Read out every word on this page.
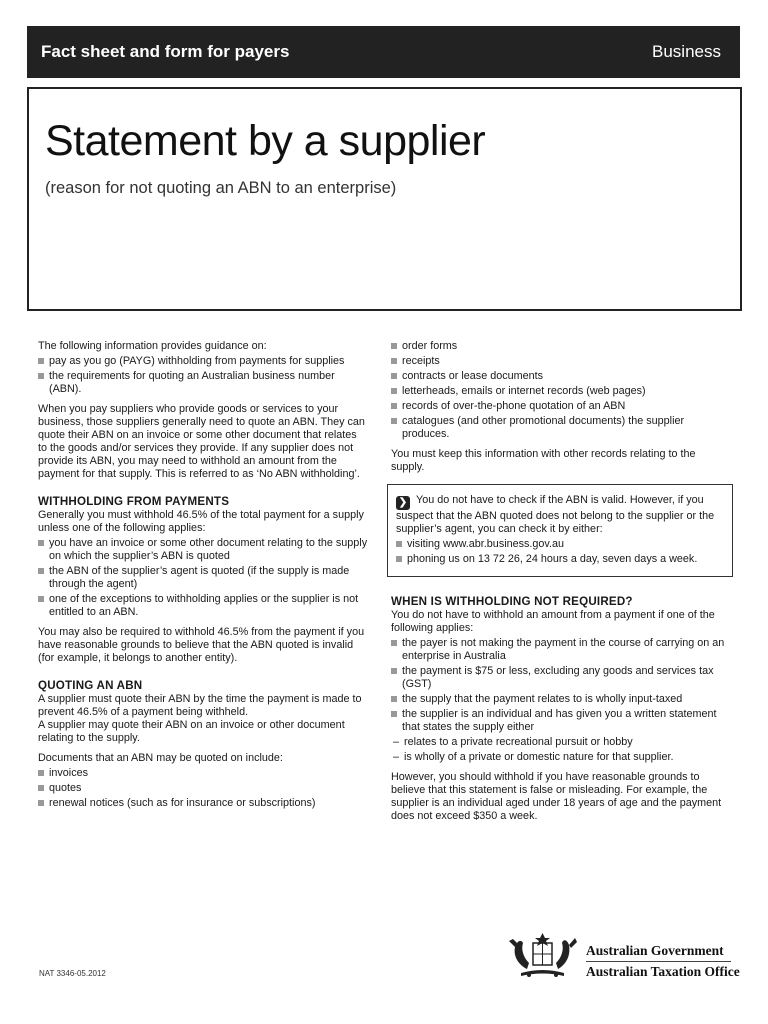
Fact sheet and form for payers	Business
Statement by a supplier
(reason for not quoting an ABN to an enterprise)

The following information provides guidance on:

pay as you go (PAYG) withholding from payments for supplies
the requirements for quoting an Australian business number (ABN).

When you pay suppliers who provide goods or services to your business, those suppliers generally need to quote an ABN. They can quote their ABN on an invoice or some other document that relates to the goods and/or services they provide. If any supplier does not provide its ABN, you may need to withhold an amount from the payment for that supply. This is referred to as ‘No ABN withholding’.

WITHHOLDING FROM PAYMENTS

Generally you must withhold 46.5% of the total payment for a supply unless one of the following applies:

you have an invoice or some other document relating to the supply on which the supplier’s ABN is quoted
the ABN of the supplier’s agent is quoted (if the supply is made through the agent)
one of the exceptions to withholding applies or the supplier is not entitled to an ABN.

You may also be required to withhold 46.5% from the payment if you have reasonable grounds to believe that the ABN quoted is invalid (for example, it belongs to another entity).

QUOTING AN ABN

A supplier must quote their ABN by the time the payment is made to prevent 46.5% of a payment being withheld.

A supplier may quote their ABN on an invoice or other document relating to the supply.

Documents that an ABN may be quoted on include:

invoices
quotes
renewal notices (such as for insurance or subscriptions)
order forms
receipts
contracts or lease documents
letterheads, emails or internet records (web pages)
records of over-the-phone quotation of an ABN
catalogues (and other promotional documents) the supplier produces.

You must keep this information with other records relating to the supply.

❯ You do not have to check if the ABN is valid. However, if you suspect that the ABN quoted does not belong to the supplier or the supplier’s agent, you can check it by either:
visiting www.abr.business.gov.au
phoning us on 13 72 26, 24 hours a day, seven days a week.
WHEN IS WITHHOLDING NOT REQUIRED?

You do not have to withhold an amount from a payment if one of the following applies:

the payer is not making the payment in the course of carrying on an enterprise in Australia
the payment is $75 or less, excluding any goods and services tax (GST)
the supply that the payment relates to is wholly input-taxed
the supplier is an individual and has given you a written statement that states the supply either
– relates to a private recreational pursuit or hobby
– is wholly of a private or domestic nature for that supplier.

However, you should withhold if you have reasonable grounds to believe that this statement is false or misleading. For example, the supplier is an individual aged under 18 years of age and the payment does not exceed $350 a week.

NAT 3346-05.2012
Australian Government
Australian Taxation Office
